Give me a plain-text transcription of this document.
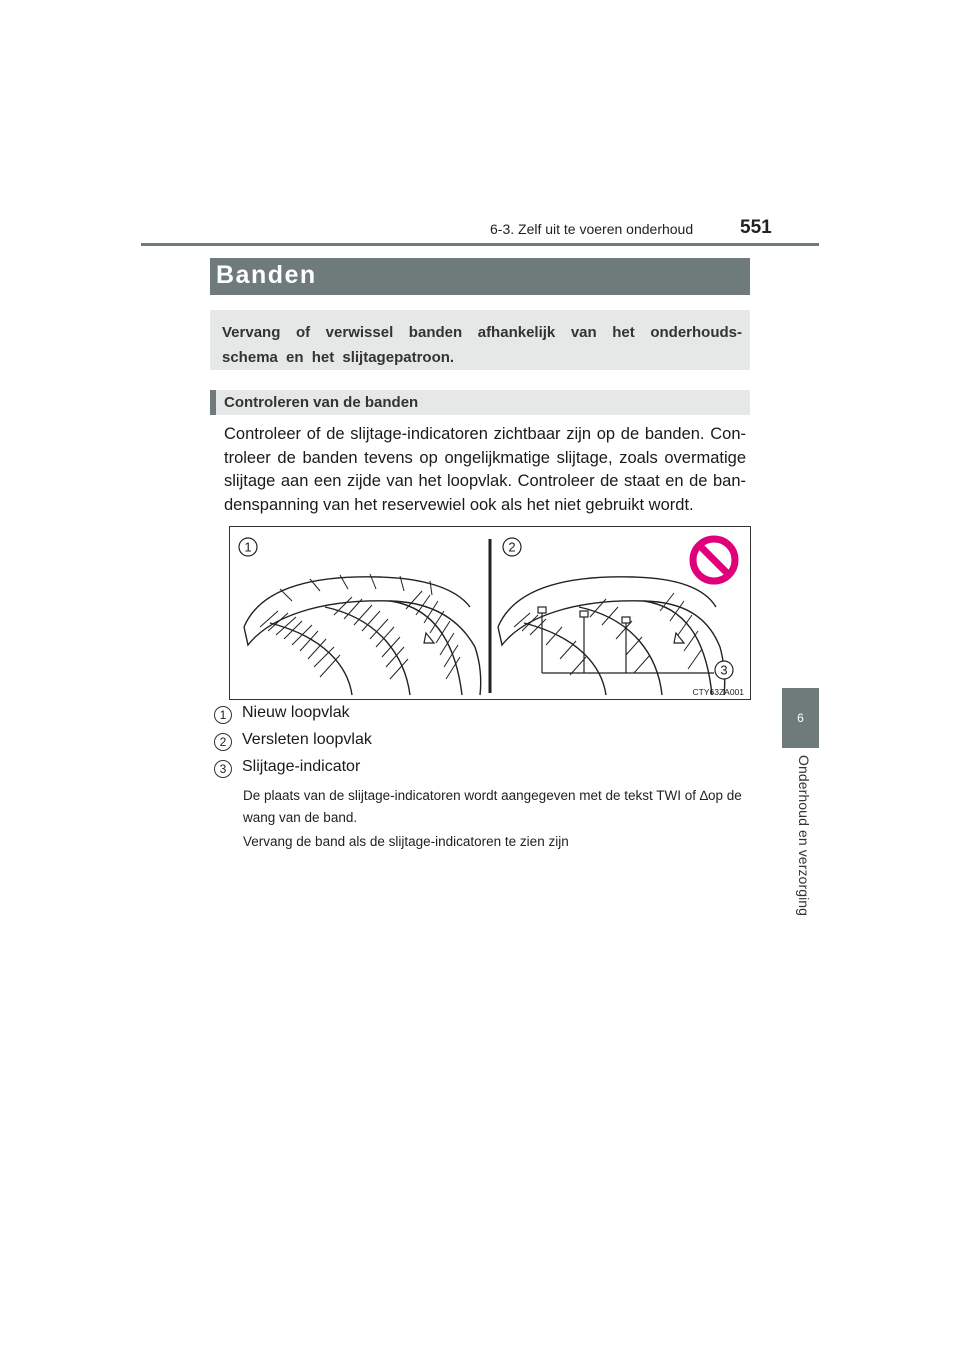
6-3. Zelf uit te voeren onderhoud 551
6
Onderhoud en verzorging
Banden
Vervang of verwissel banden afhankelijk van het onderhouds-schema en het slijtagepatroon.
Controleren van de banden
Controleer of de slijtage-indicatoren zichtbaar zijn op de banden. Con-troleer de banden tevens op ongelijkmatige slijtage, zoals overmatige slijtage aan een zijde van het loopvlak. Controleer de staat en de ban-denspanning van het reservewiel ook als het niet gebruikt wordt.
1	2
3
CTY63ZA001
1 Nieuw loopvlak
2 Versleten loopvlak
3 Slijtage-indicator
De plaats van de slijtage-indicatoren wordt aangegeven met de tekst TWI of ∆op de wang van de band.
Vervang de band als de slijtage-indicatoren te zien zijn
